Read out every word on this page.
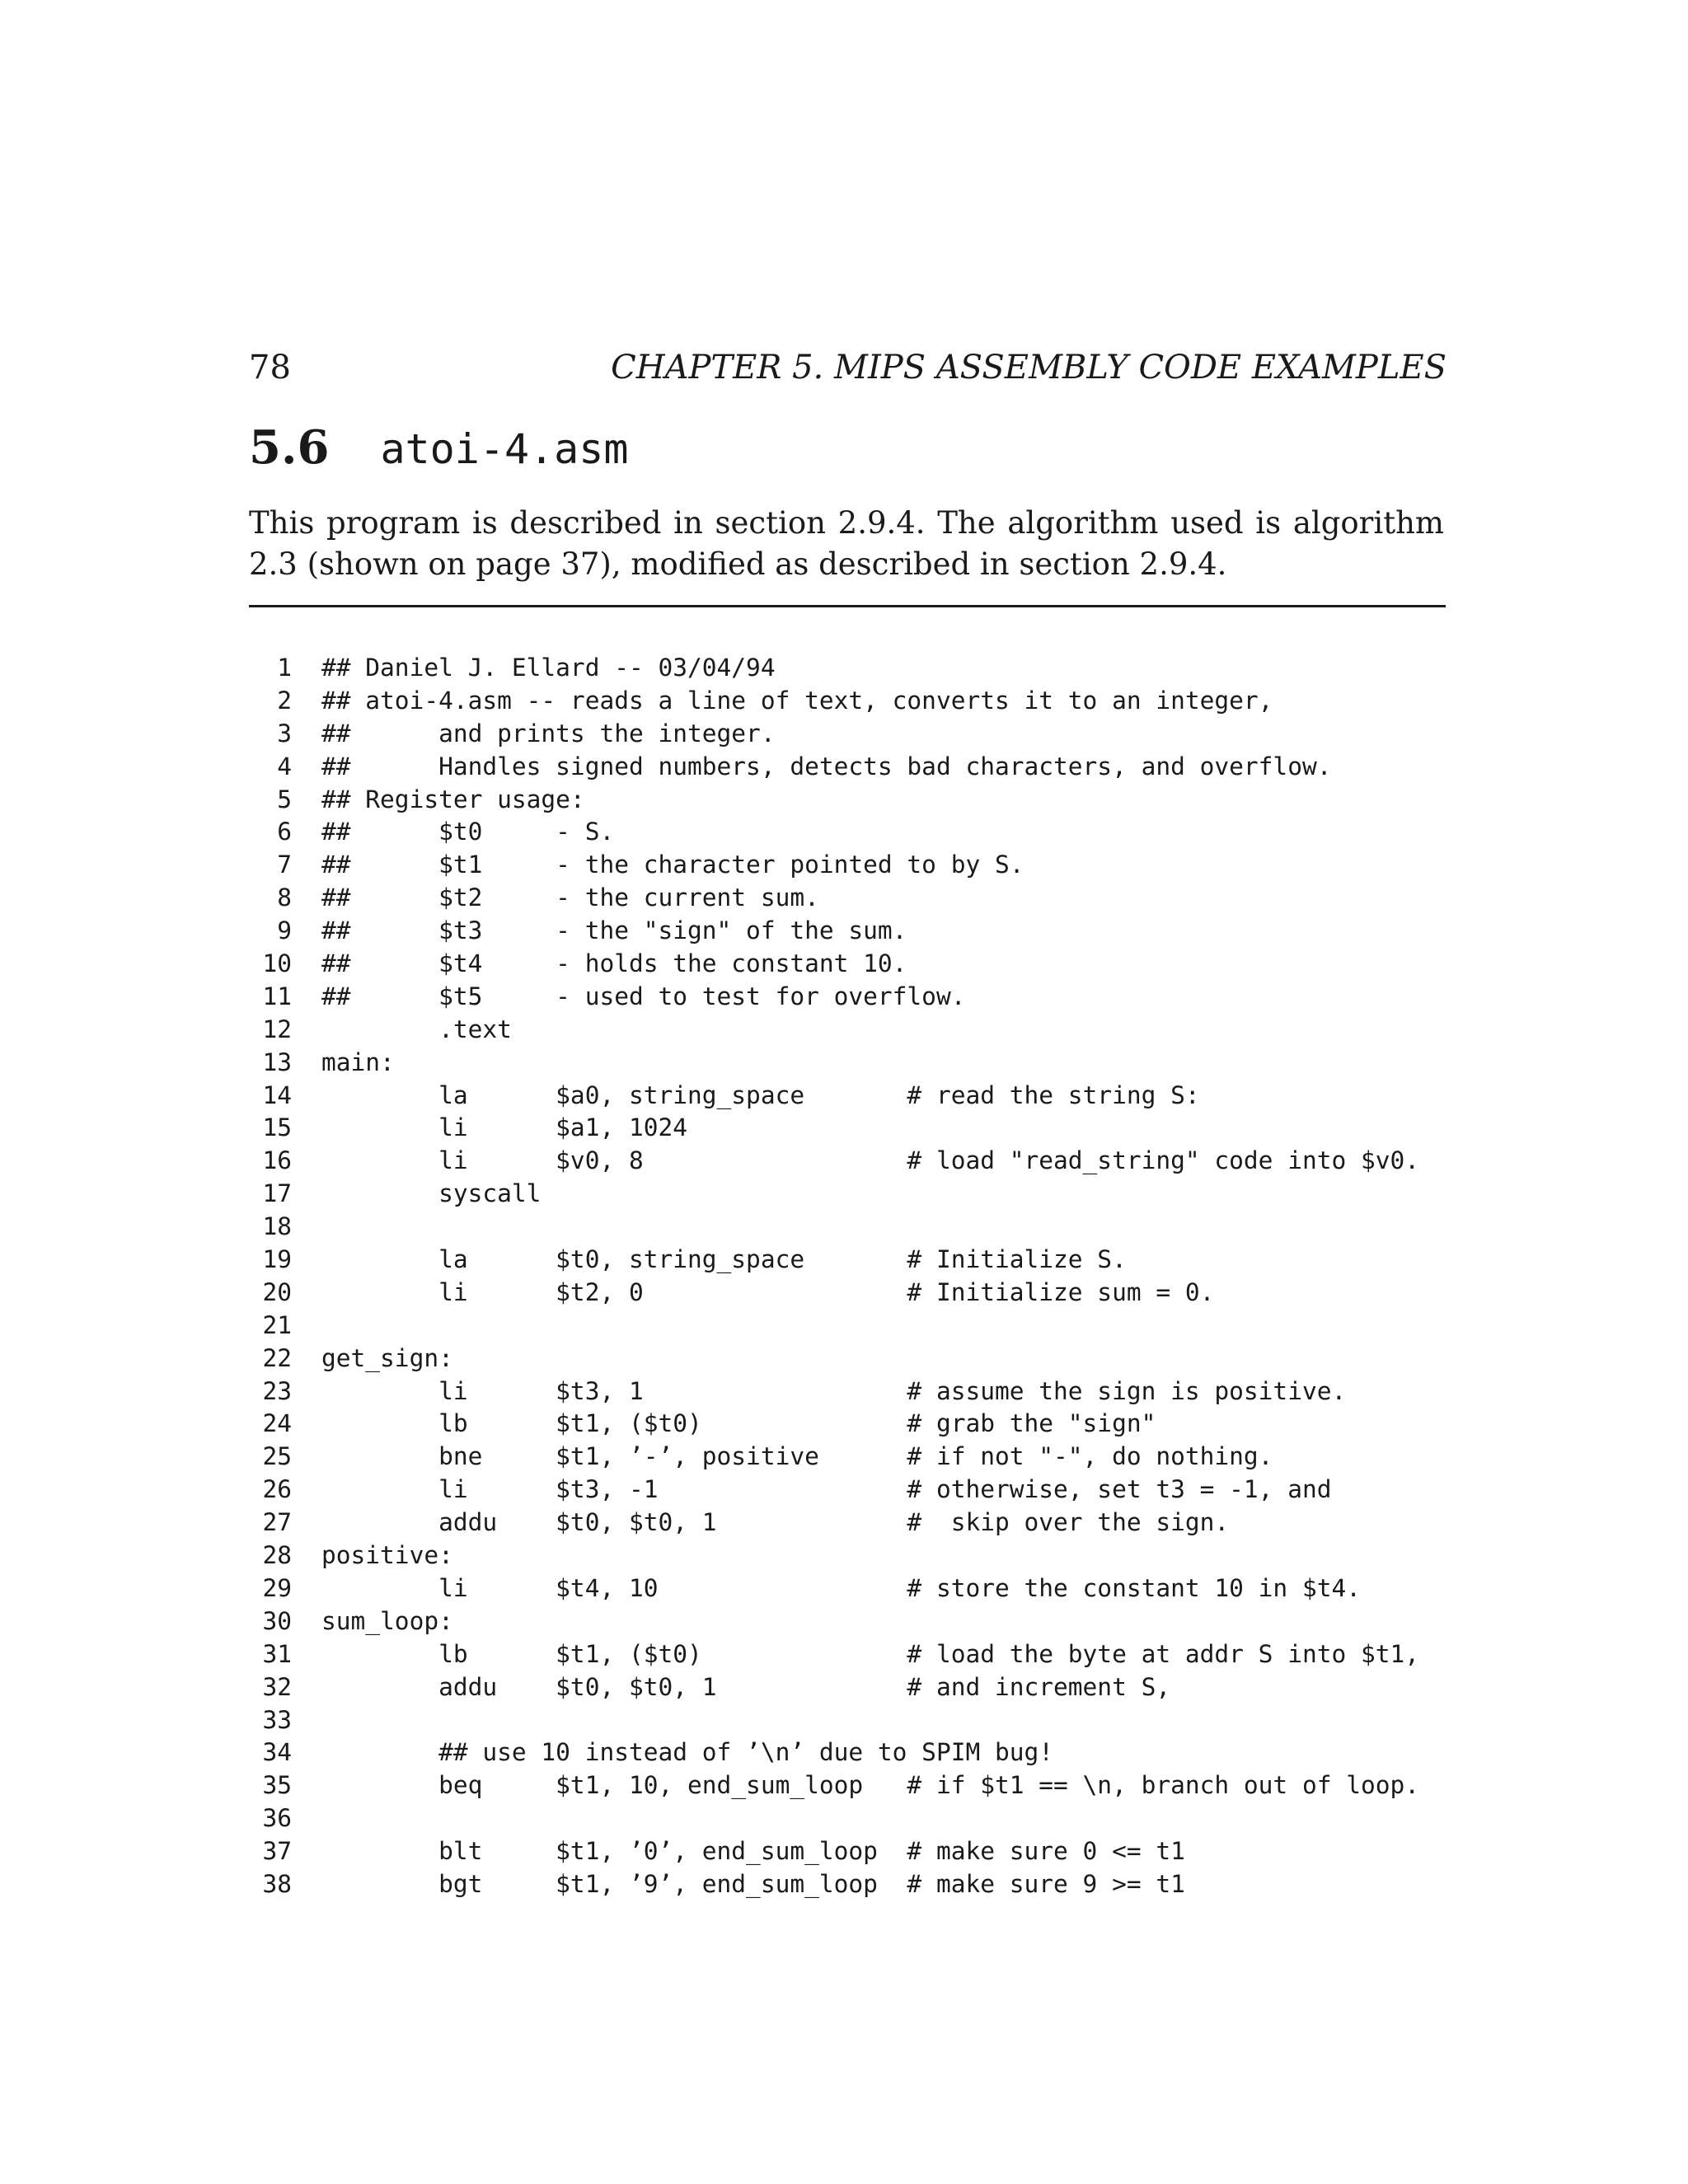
78	CHAPTER 5. MIPS ASSEMBLY CODE EXAMPLES
5.6 atoi-4.asm

This program is described in section 2.9.4. The algorithm used is algorithm 2.3 (shown on page 37), modified as described in section 2.9.4.

1	## Daniel J. Ellard -- 03/04/94
2	## atoi-4.asm -- reads a line of text, converts it to an integer,
3	##      and prints the integer.
4	##      Handles signed numbers, detects bad characters, and overflow.
5	## Register usage:
6	##      $t0     - S.
7	##      $t1     - the character pointed to by S.
8	##      $t2     - the current sum.
9	##      $t3     - the "sign" of the sum.
10	##      $t4     - holds the constant 10.
11	##      $t5     - used to test for overflow.
12	.text
13	main:
14	la      $a0, string_space       # read the string S:
15	li      $a1, 1024
16	li      $v0, 8                  # load "read_string" code into $v0.
17	syscall
18
19	la      $t0, string_space       # Initialize S.
20	li      $t2, 0                  # Initialize sum = 0.
21
22	get_sign:
23	li      $t3, 1                  # assume the sign is positive.
24	lb      $t1, ($t0)              # grab the "sign"
25	bne     $t1, ’-’, positive      # if not "-", do nothing.
26	li      $t3, -1                 # otherwise, set t3 = -1, and
27	addu    $t0, $t0, 1             #  skip over the sign.
28	positive:
29	li      $t4, 10                 # store the constant 10 in $t4.
30	sum_loop:
31	lb      $t1, ($t0)              # load the byte at addr S into $t1,
32	addu    $t0, $t0, 1             # and increment S,
33
34	## use 10 instead of ’\n’ due to SPIM bug!
35	beq     $t1, 10, end_sum_loop   # if $t1 == \n, branch out of loop.
36
37	blt     $t1, ’0’, end_sum_loop  # make sure 0 <= t1
38	bgt     $t1, ’9’, end_sum_loop  # make sure 9 >= t1
